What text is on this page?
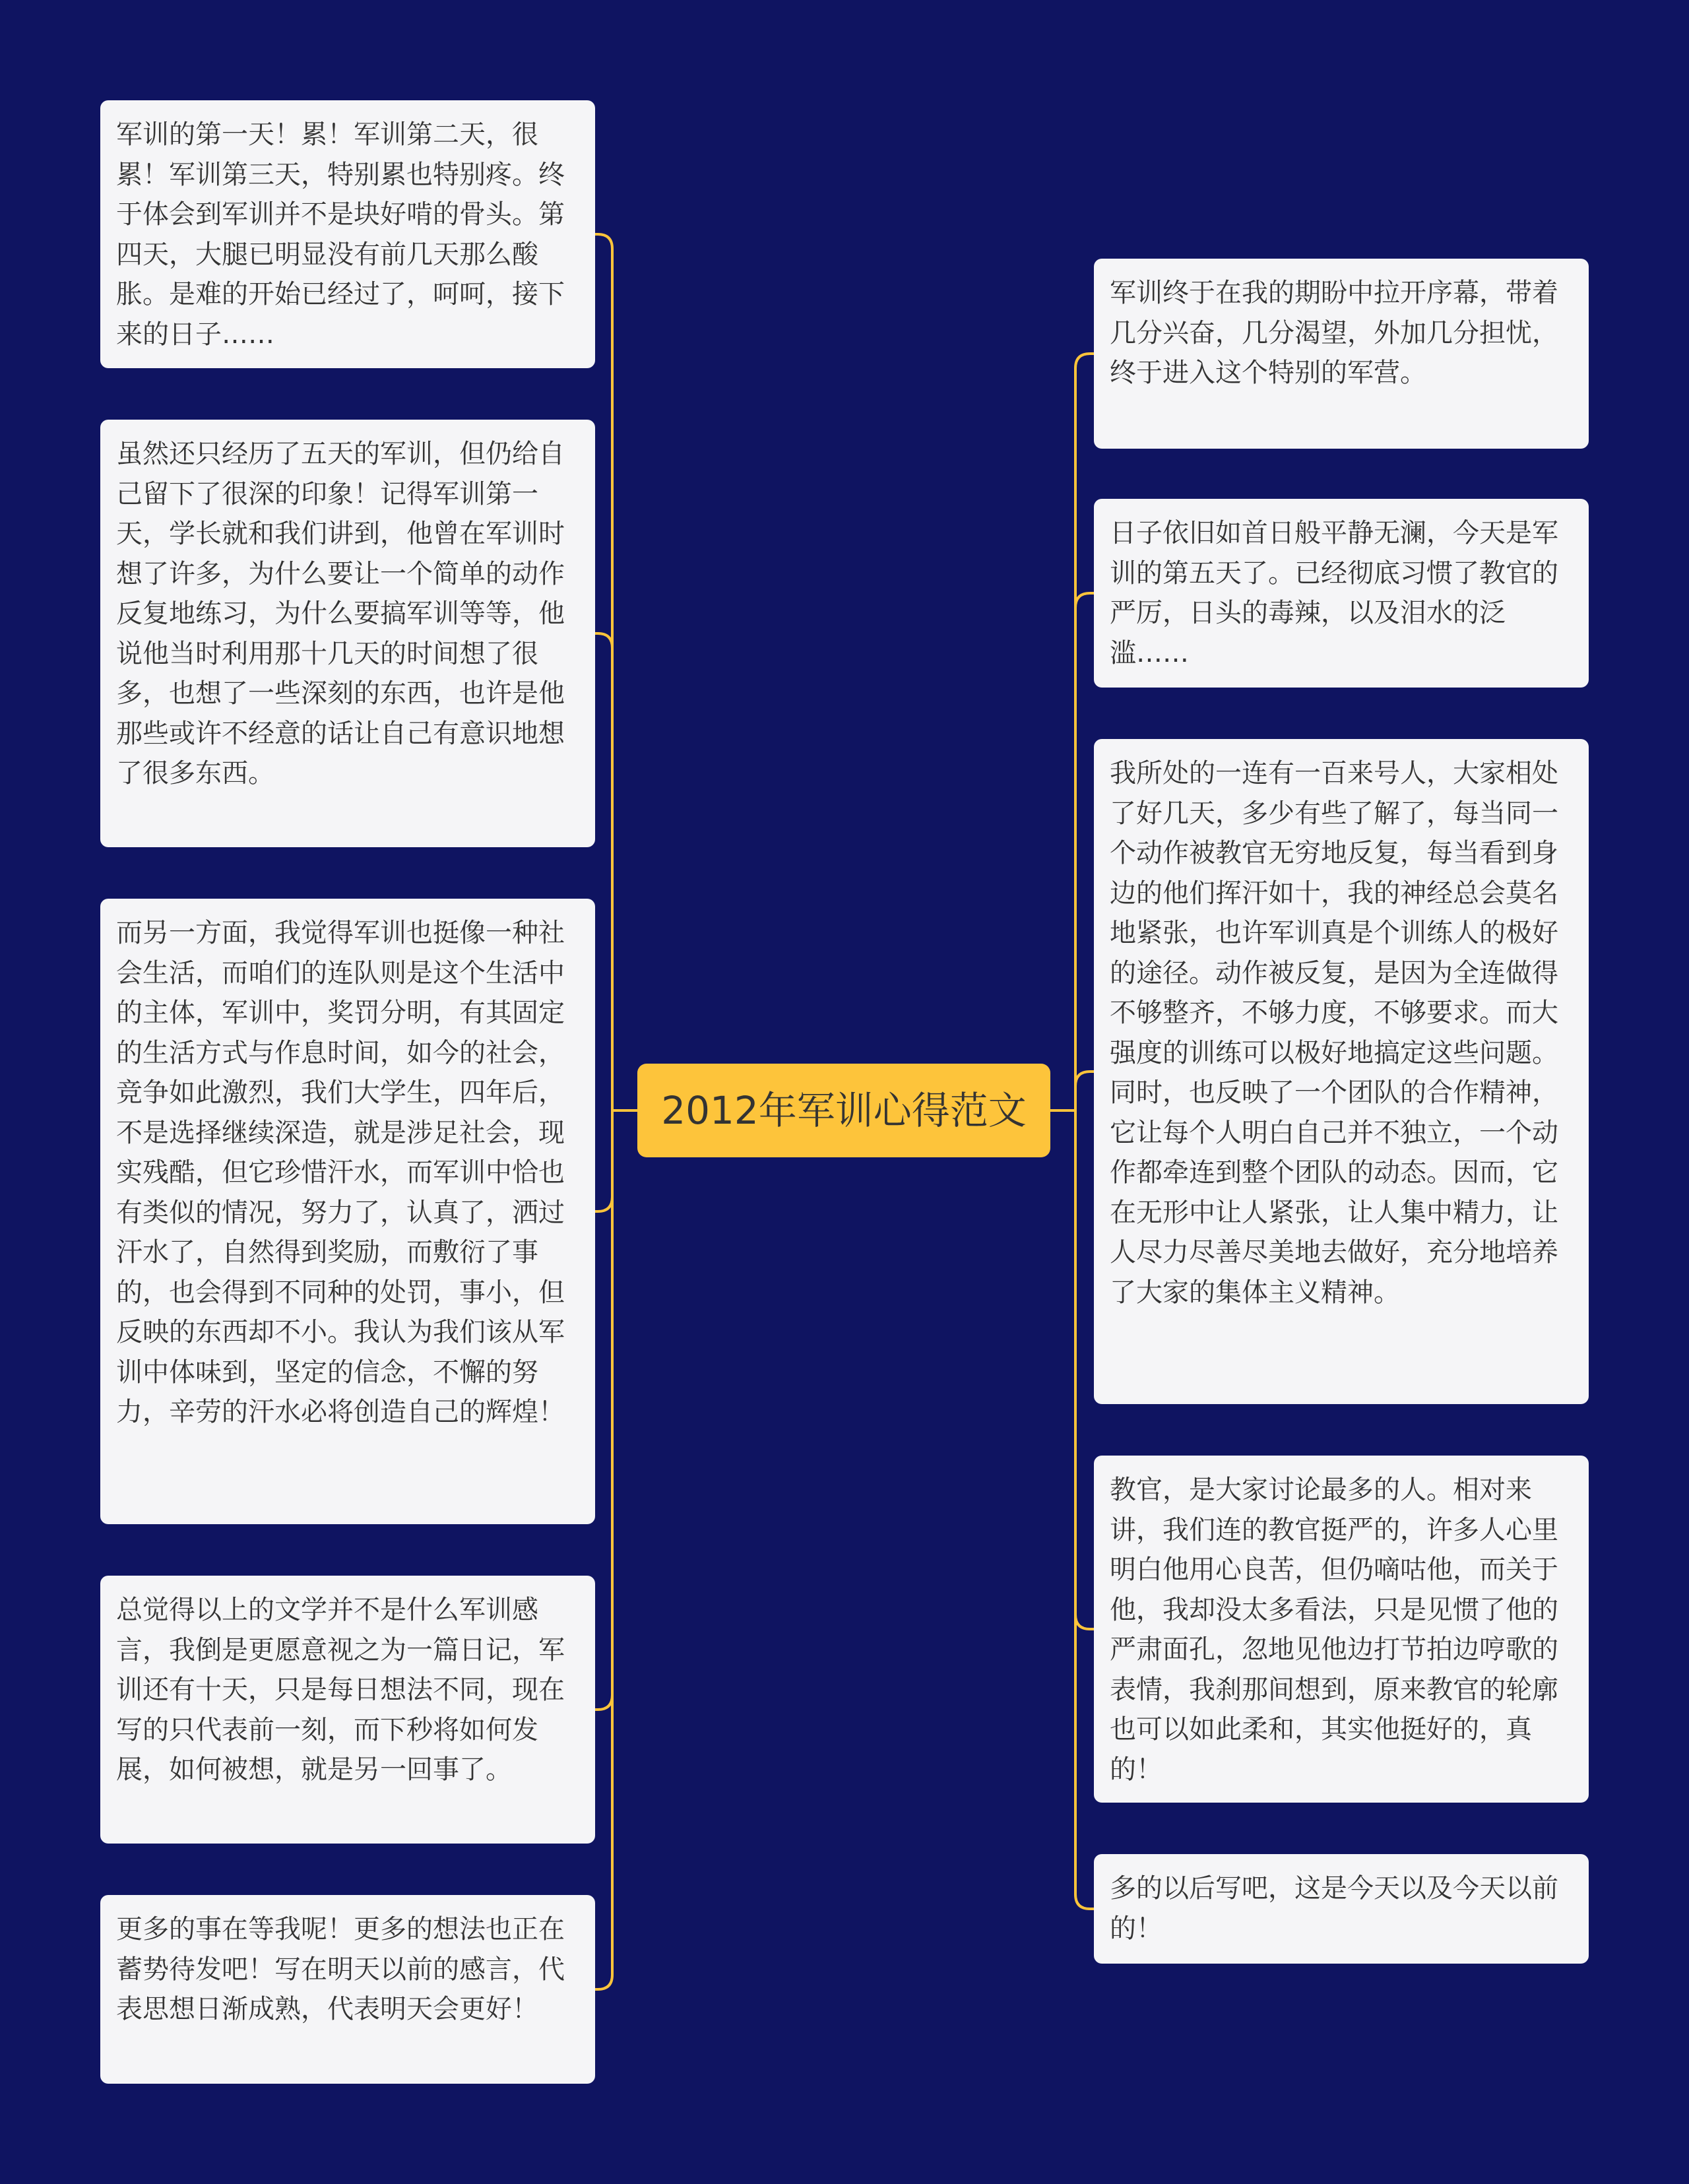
2012年军训心得范文
军训的第一天！累！军训第二天，很累！军训第三天，特别累也特别疼。终于体会到军训并不是块好啃的骨头。第四天，大腿已明显没有前几天那么酸胀。是难的开始已经过了，呵呵，接下来的日子……
虽然还只经历了五天的军训，但仍给自己留下了很深的印象！记得军训第一天，学长就和我们讲到，他曾在军训时想了许多，为什么要让一个简单的动作反复地练习，为什么要搞军训等等，他说他当时利用那十几天的时间想了很多，也想了一些深刻的东西，也许是他那些或许不经意的话让自己有意识地想了很多东西。
而另一方面，我觉得军训也挺像一种社会生活，而咱们的连队则是这个生活中的主体，军训中，奖罚分明，有其固定的生活方式与作息时间，如今的社会，竞争如此激烈，我们大学生，四年后，不是选择继续深造，就是涉足社会，现实残酷，但它珍惜汗水，而军训中恰也有类似的情况，努力了，认真了，洒过汗水了，自然得到奖励，而敷衍了事的，也会得到不同种的处罚，事小，但反映的东西却不小。我认为我们该从军训中体味到，坚定的信念，不懈的努力，辛劳的汗水必将创造自己的辉煌！
总觉得以上的文学并不是什么军训感言，我倒是更愿意视之为一篇日记，军训还有十天，只是每日想法不同，现在写的只代表前一刻，而下秒将如何发展，如何被想，就是另一回事了。
更多的事在等我呢！更多的想法也正在蓄势待发吧！写在明天以前的感言，代表思想日渐成熟，代表明天会更好！
军训终于在我的期盼中拉开序幕，带着几分兴奋，几分渴望，外加几分担忧，终于进入这个特别的军营。
日子依旧如首日般平静无澜，今天是军训的第五天了。已经彻底习惯了教官的严厉，日头的毒辣，以及泪水的泛滥……
我所处的一连有一百来号人，大家相处了好几天，多少有些了解了，每当同一个动作被教官无穷地反复，每当看到身边的他们挥汗如十，我的神经总会莫名地紧张，也许军训真是个训练人的极好的途径。动作被反复，是因为全连做得不够整齐，不够力度，不够要求。而大强度的训练可以极好地搞定这些问题。同时，也反映了一个团队的合作精神，它让每个人明白自己并不独立，一个动作都牵连到整个团队的动态。因而，它在无形中让人紧张，让人集中精力，让人尽力尽善尽美地去做好，充分地培养了大家的集体主义精神。
教官，是大家讨论最多的人。相对来讲，我们连的教官挺严的，许多人心里明白他用心良苦，但仍嘀咕他，而关于他，我却没太多看法，只是见惯了他的严肃面孔，忽地见他边打节拍边哼歌的表情，我刹那间想到，原来教官的轮廓也可以如此柔和，其实他挺好的，真的！
多的以后写吧，这是今天以及今天以前的！
